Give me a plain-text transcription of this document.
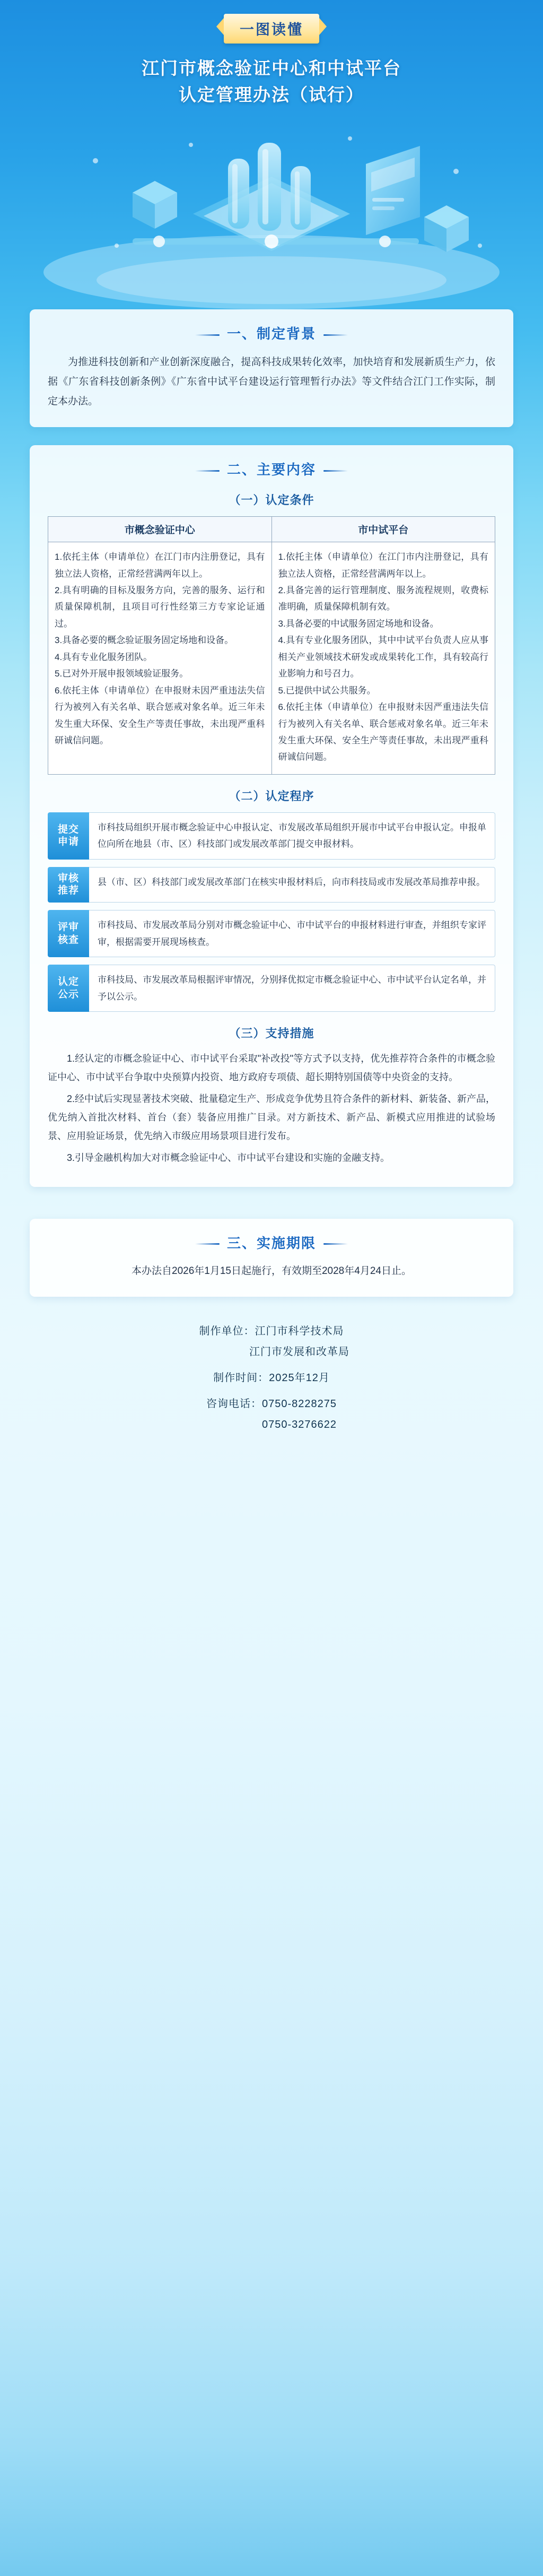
一图读懂
江门市概念验证中心和中试平台
认定管理办法（试行）
一、制定背景
为推进科技创新和产业创新深度融合，提高科技成果转化效率，加快培育和发展新质生产力，依据《广东省科技创新条例》《广东省中试平台建设运行管理暂行办法》等文件结合江门工作实际，制定本办法。
二、主要内容
（一）认定条件
市概念验证中心	市中试平台

1.依托主体（申请单位）在江门市内注册登记，具有独立法人资格，正常经营满两年以上。

2.具有明确的目标及服务方向，完善的服务、运行和质量保障机制，且项目可行性经第三方专家论证通过。

3.具备必要的概念验证服务固定场地和设备。

4.具有专业化服务团队。

5.已对外开展申报领域验证服务。

6.依托主体（申请单位）在申报财未因严重违法失信行为被列入有关名单、联合惩戒对象名单。近三年未发生重大环保、安全生产等责任事故，未出现严重科研诚信问题。

1.依托主体（申请单位）在江门市内注册登记，具有独立法人资格，正常经营满两年以上。

2.具备完善的运行管理制度、服务流程规则，收费标准明确，质量保障机制有效。

3.具备必要的中试服务固定场地和设备。

4.具有专业化服务团队，其中中试平台负责人应从事相关产业领域技术研发或成果转化工作，具有较高行业影响力和号召力。

5.已提供中试公共服务。

6.依托主体（申请单位）在申报财未因严重违法失信行为被列入有关名单、联合惩戒对象名单。近三年未发生重大环保、安全生产等责任事故，未出现严重科研诚信问题。

（二）认定程序
提交
申请
市科技局组织开展市概念验证中心申报认定、市发展改革局组织开展市中试平台申报认定。申报单位向所在地县（市、区）科技部门或发展改革部门提交申报材料。
审核
推荐
县（市、区）科技部门或发展改革部门在核实申报材料后，向市科技局或市发展改革局推荐申报。
评审
核查
市科技局、市发展改革局分别对市概念验证中心、市中试平台的申报材料进行审查，并组织专家评审，根据需要开展现场核查。
认定
公示
市科技局、市发展改革局根据评审情况，分别择优拟定市概念验证中心、市中试平台认定名单，并予以公示。
（三）支持措施
1.经认定的市概念验证中心、市中试平台采取"补改投"等方式予以支持，优先推荐符合条件的市概念验证中心、市中试平台争取中央预算内投资、地方政府专项债、超长期特别国债等中央资金的支持。
2.经中试后实现显著技术突破、批量稳定生产、形成竞争优势且符合条件的新材料、新装备、新产品，优先纳入首批次材料、首台（套）装备应用推广目录。对方新技术、新产品、新模式应用推进的试验场景、应用验证场景，优先纳入市级应用场景项目进行发布。
3.引导金融机构加大对市概念验证中心、市中试平台建设和实施的金融支持。
三、实施期限
本办法自2026年1月15日起施行，有效期至2028年4月24日止。
制作单位：江门市科学技术局
江门市发展和改革局
制作时间：2025年12月
咨询电话：0750-8228275
0750-3276622
